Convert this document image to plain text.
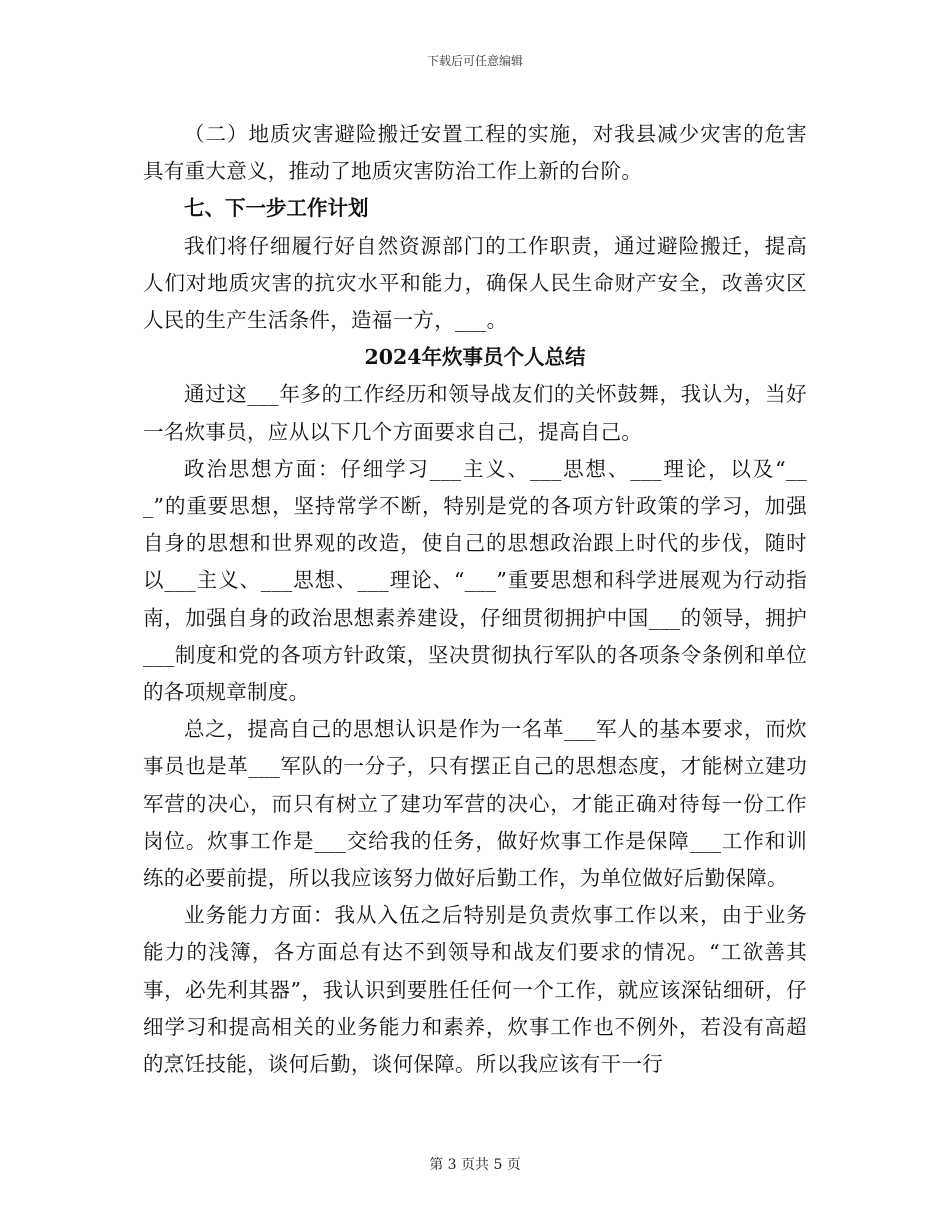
下载后可任意编辑

（二）地质灾害避险搬迁安置工程的实施，对我县减少灾害的危害具有重大意义，推动了地质灾害防治工作上新的台阶。

七、下一步工作计划

我们将仔细履行好自然资源部门的工作职责，通过避险搬迁，提高人们对地质灾害的抗灾水平和能力，确保人民生命财产安全，改善灾区人民的生产生活条件，造福一方，___。

2024年炊事员个人总结

通过这___年多的工作经历和领导战友们的关怀鼓舞，我认为，当好一名炊事员，应从以下几个方面要求自己，提高自己。

政治思想方面：仔细学习___主义、___思想、___理论，以及“___”的重要思想，坚持常学不断，特别是党的各项方针政策的学习，加强自身的思想和世界观的改造，使自己的思想政治跟上时代的步伐，随时以___主义、___思想、___理论、“___”重要思想和科学进展观为行动指南，加强自身的政治思想素养建设，仔细贯彻拥护中国___的领导，拥护___制度和党的各项方针政策，坚决贯彻执行军队的各项条令条例和单位的各项规章制度。

总之，提高自己的思想认识是作为一名革___军人的基本要求，而炊事员也是革___军队的一分子，只有摆正自己的思想态度，才能树立建功军营的决心，而只有树立了建功军营的决心，才能正确对待每一份工作岗位。炊事工作是___交给我的任务，做好炊事工作是保障___工作和训练的必要前提，所以我应该努力做好后勤工作，为单位做好后勤保障。

业务能力方面：我从入伍之后特别是负责炊事工作以来，由于业务能力的浅簿，各方面总有达不到领导和战友们要求的情况。“工欲善其事，必先利其器”，我认识到要胜任任何一个工作，就应该深钻细研，仔细学习和提高相关的业务能力和素养，炊事工作也不例外，若没有高超的烹饪技能，谈何后勤，谈何保障。所以我应该有干一行

第 3 页共 5 页
